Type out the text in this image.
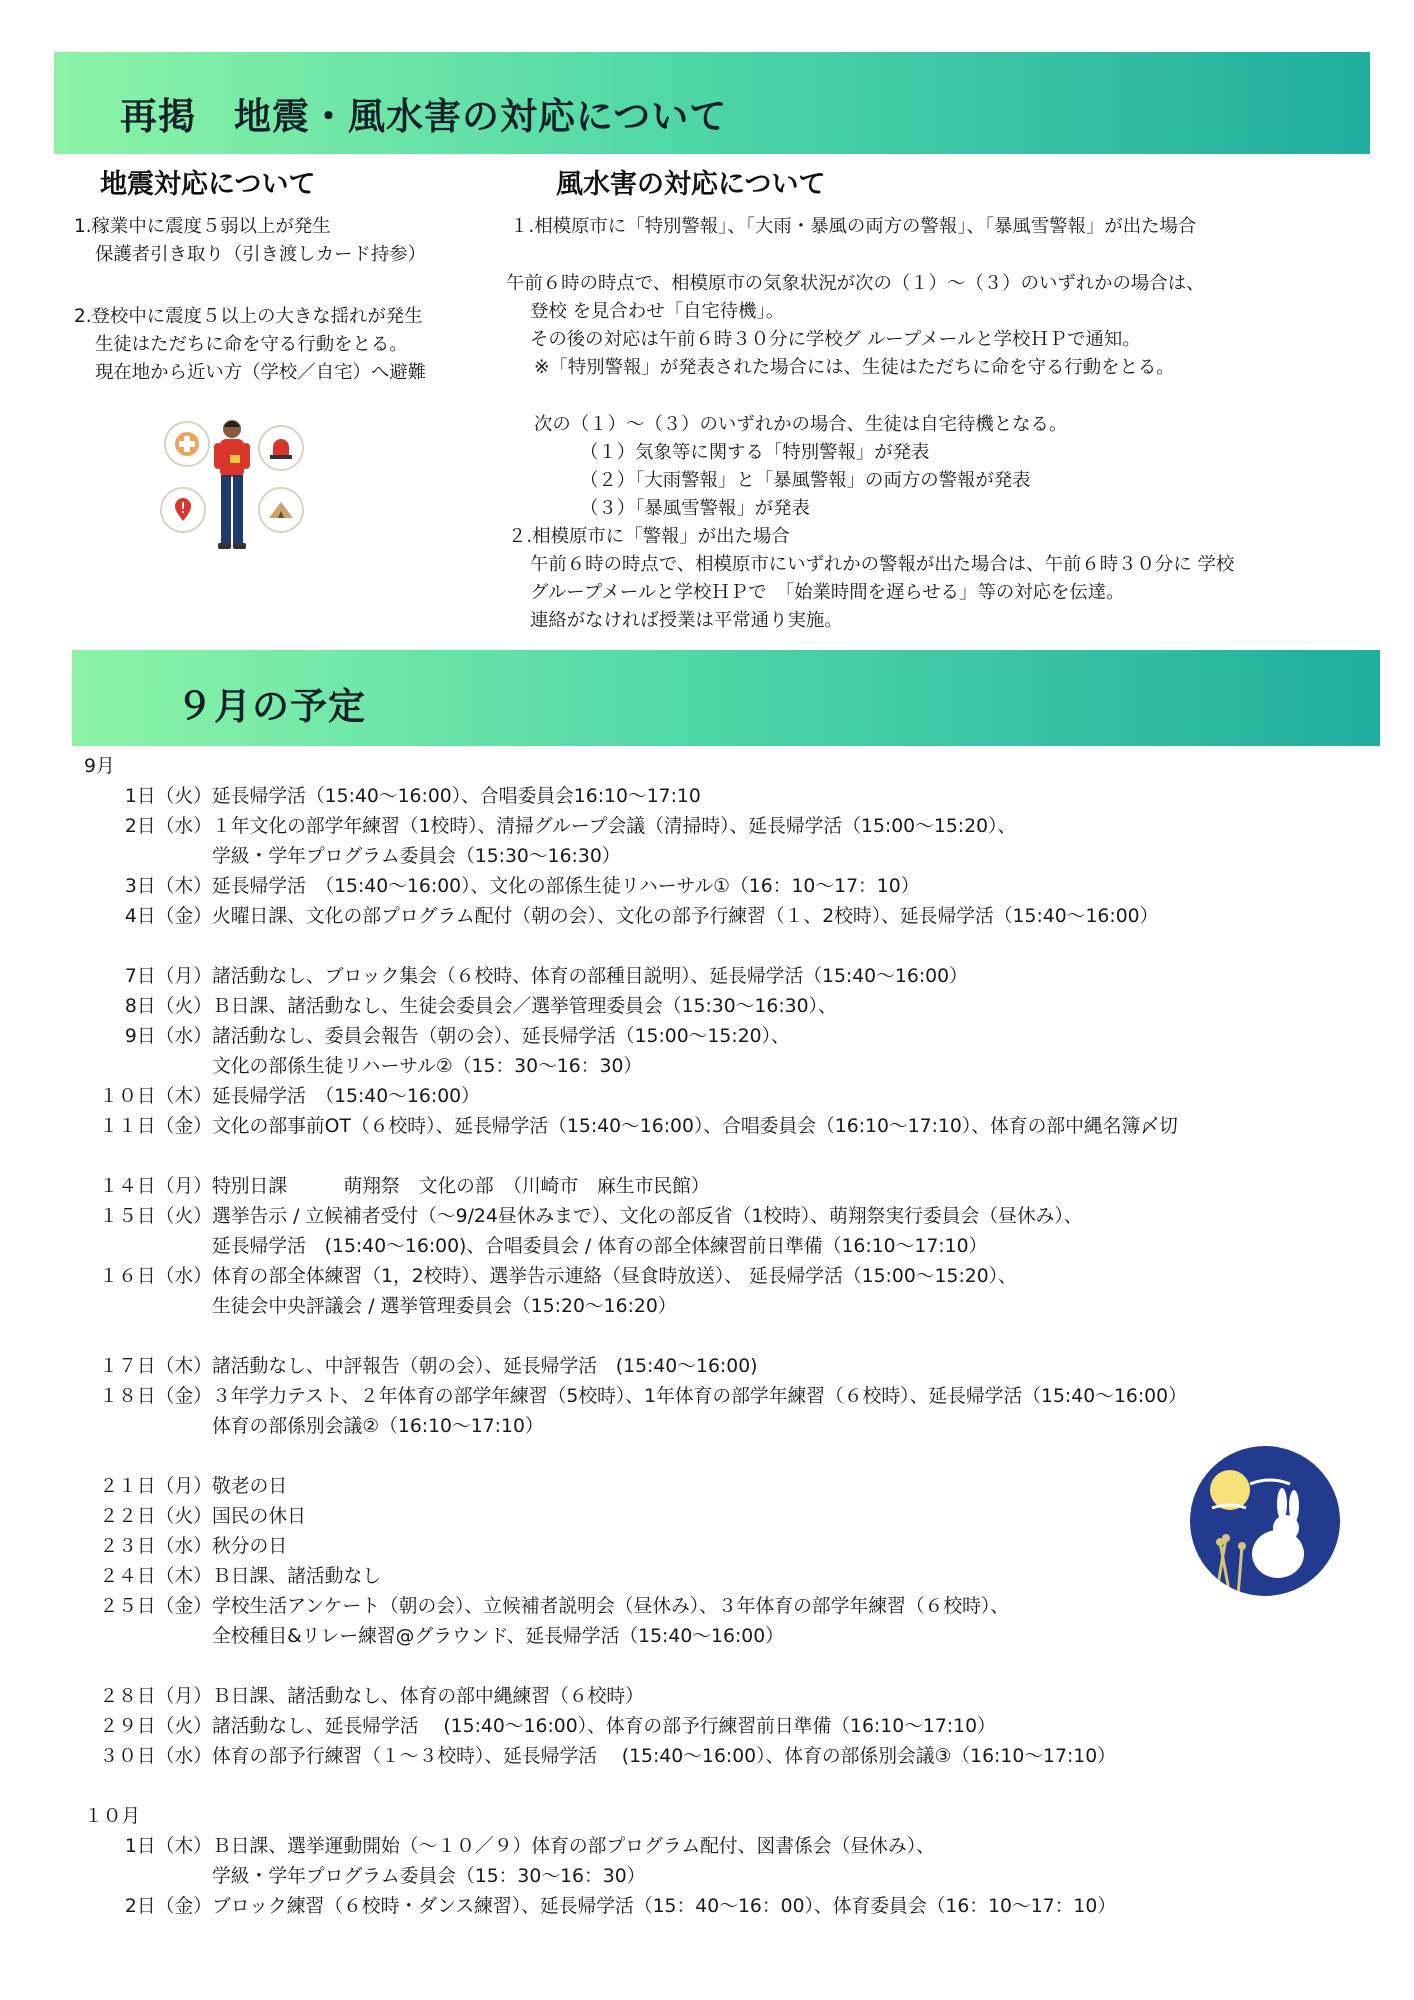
再掲　地震・風水害の対応について
地震対応について
1.稼業中に震度５弱以上が発生
保護者引き取り（引き渡しカード持参）
2.登校中に震度５以上の大きな揺れが発生
生徒はただちに命を守る行動をとる。
現在地から近い方（学校／自宅）へ避難
風水害の対応について
１.相模原市に「特別警報」、「大雨・暴風の両方の警報」、「暴風雪警報」が出た場合
午前６時の時点で、相模原市の気象状況が次の（１）～（３）のいずれかの場合は、
登校 を見合わせ「自宅待機」。
その後の対応は午前６時３０分に学校グ ループメールと学校ＨＰで通知。
※「特別警報」が発表された場合には、生徒はただちに命を守る行動をとる。
次の（１）～（３）のいずれかの場合、生徒は自宅待機となる。
（１）気象等に関する「特別警報」が発表
（２）「大雨警報」と「暴風警報」の両方の警報が発表
（３）「暴風雪警報」が発表
２.相模原市に「警報」が出た場合
午前６時の時点で、相模原市にいずれかの警報が出た場合は、午前６時３０分に 学校
グループメールと学校ＨＰで　「始業時間を遅らせる」等の対応を伝達。
連絡がなければ授業は平常通り実施。
９月の予定
9月
1日（火）延長帰学活（15:40～16:00）、合唱委員会16:10～17:10
2日（水）１年文化の部学年練習（1校時）、清掃グループ会議（清掃時）、延長帰学活（15:00～15:20）、
学級・学年プログラム委員会（15:30～16:30）
3日（木）延長帰学活　（15:40～16:00）、文化の部係生徒リハーサル①（16：10～17：10）
4日（金）火曜日課、文化の部プログラム配付（朝の会）、文化の部予行練習（１、2校時）、延長帰学活（15:40～16:00）
7日（月）諸活動なし、ブロック集会（６校時、体育の部種目説明）、延長帰学活（15:40～16:00）
8日（火）Ｂ日課、諸活動なし、生徒会委員会／選挙管理委員会（15:30～16:30）、
9日（水）諸活動なし、委員会報告（朝の会）、延長帰学活（15:00～15:20）、
文化の部係生徒リハーサル②（15：30～16：30）
１０日（木）延長帰学活　（15:40～16:00）
１１日（金）文化の部事前OT（６校時）、延長帰学活（15:40～16:00）、合唱委員会（16:10～17:10）、体育の部中縄名簿〆切
１４日（月）特別日課　　　萌翔祭　文化の部　（川崎市　麻生市民館）
１５日（火）選挙告示 / 立候補者受付（～9/24昼休みまで）、文化の部反省（1校時）、萌翔祭実行委員会（昼休み）、
延長帰学活　(15:40～16:00)、合唱委員会 / 体育の部全体練習前日準備（16:10～17:10）
１６日（水）体育の部全体練習（1，2校時）、選挙告示連絡（昼食時放送）、 延長帰学活（15:00～15:20）、
生徒会中央評議会 / 選挙管理委員会（15:20～16:20）
１７日（木）諸活動なし、中評報告（朝の会）、延長帰学活　(15:40～16:00)
１８日（金）３年学力テスト、２年体育の部学年練習（5校時）、1年体育の部学年練習（６校時）、延長帰学活（15:40～16:00）
体育の部係別会議②（16:10～17:10）
２１日（月）敬老の日
２２日（火）国民の休日
２３日（水）秋分の日
２４日（木）Ｂ日課、諸活動なし
２５日（金）学校生活アンケート（朝の会）、立候補者説明会（昼休み）、３年体育の部学年練習（６校時）、
全校種目&リレー練習@グラウンド、延長帰学活（15:40～16:00）
２８日（月）Ｂ日課、諸活動なし、体育の部中縄練習（６校時）
２９日（火）諸活動なし、延長帰学活　 (15:40～16:00）、体育の部予行練習前日準備（16:10～17:10）
３０日（水）体育の部予行練習（１～３校時）、延長帰学活　 (15:40～16:00）、体育の部係別会議③（16:10～17:10）
１０月
1日（木）Ｂ日課、選挙運動開始（～１０／９）体育の部プログラム配付、図書係会（昼休み）、
学級・学年プログラム委員会（15：30～16：30）
2日（金）ブロック練習（６校時・ダンス練習）、延長帰学活（15：40～16：00）、体育委員会（16：10～17：10）
